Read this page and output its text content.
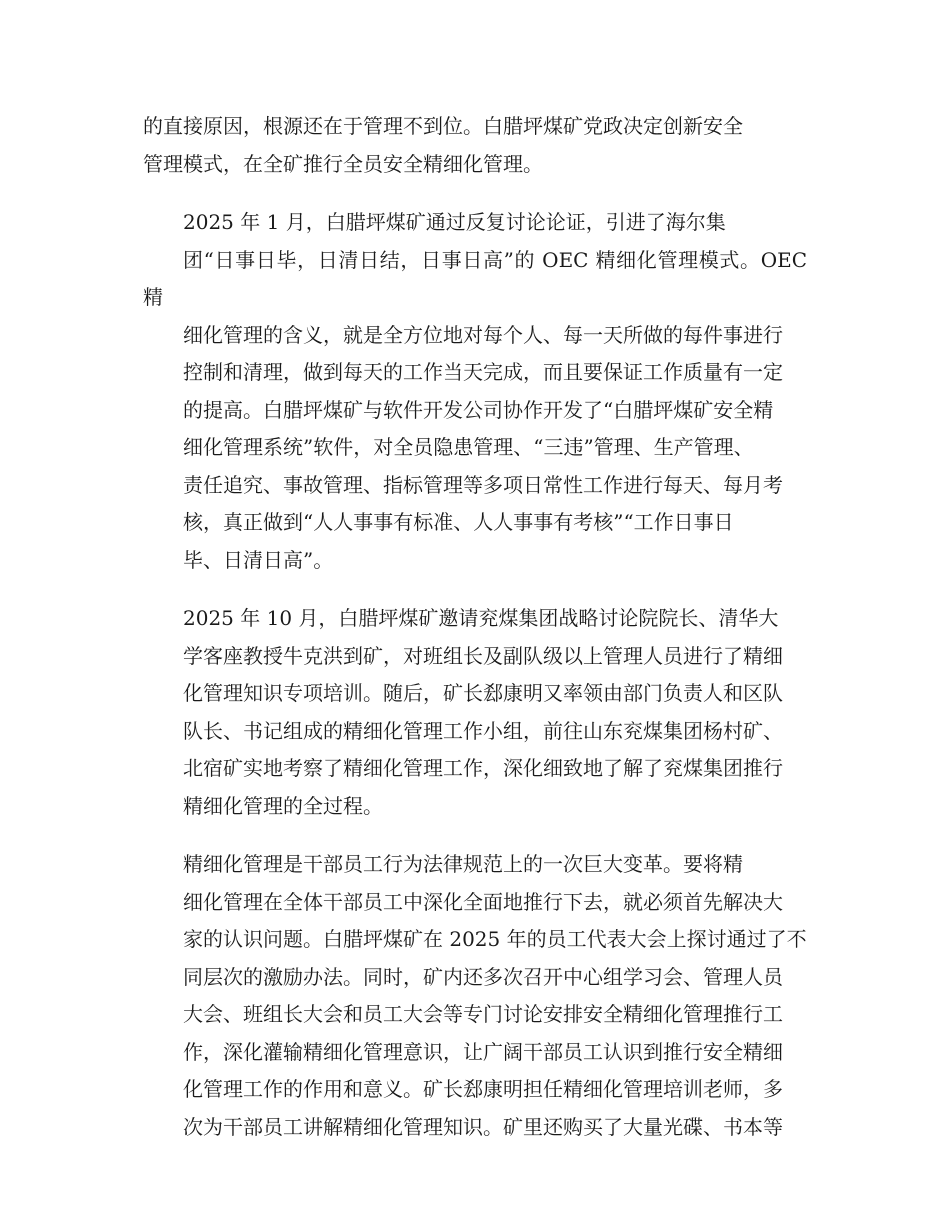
的直接原因，根源还在于管理不到位。白腊坪煤矿党政决定创新安全
管理模式，在全矿推行全员安全精细化管理。
2025 年 1 月，白腊坪煤矿通过反复讨论论证，引进了海尔集
团“日事日毕，日清日结，日事日高”的 OEC 精细化管理模式。OEC 精
细化管理的含义，就是全方位地对每个人、每一天所做的每件事进行
控制和清理，做到每天的工作当天完成，而且要保证工作质量有一定
的提高。白腊坪煤矿与软件开发公司协作开发了“白腊坪煤矿安全精
细化管理系统”软件，对全员隐患管理、“三违”管理、生产管理、
责任追究、事故管理、指标管理等多项日常性工作进行每天、每月考
核，真正做到“人人事事有标准、人人事事有考核”“工作日事日
毕、日清日高”。
2025 年 10 月，白腊坪煤矿邀请兖煤集团战略讨论院院长、清华大
学客座教授牛克洪到矿，对班组长及副队级以上管理人员进行了精细
化管理知识专项培训。随后，矿长郄康明又率领由部门负责人和区队
队长、书记组成的精细化管理工作小组，前往山东兖煤集团杨村矿、
北宿矿实地考察了精细化管理工作，深化细致地了解了兖煤集团推行
精细化管理的全过程。
精细化管理是干部员工行为法律规范上的一次巨大变革。要将精
细化管理在全体干部员工中深化全面地推行下去，就必须首先解决大
家的认识问题。白腊坪煤矿在 2025 年的员工代表大会上探讨通过了不
同层次的激励办法。同时，矿内还多次召开中心组学习会、管理人员
大会、班组长大会和员工大会等专门讨论安排安全精细化管理推行工
作，深化灌输精细化管理意识，让广阔干部员工认识到推行安全精细
化管理工作的作用和意义。矿长郄康明担任精细化管理培训老师，多
次为干部员工讲解精细化管理知识。矿里还购买了大量光碟、书本等
